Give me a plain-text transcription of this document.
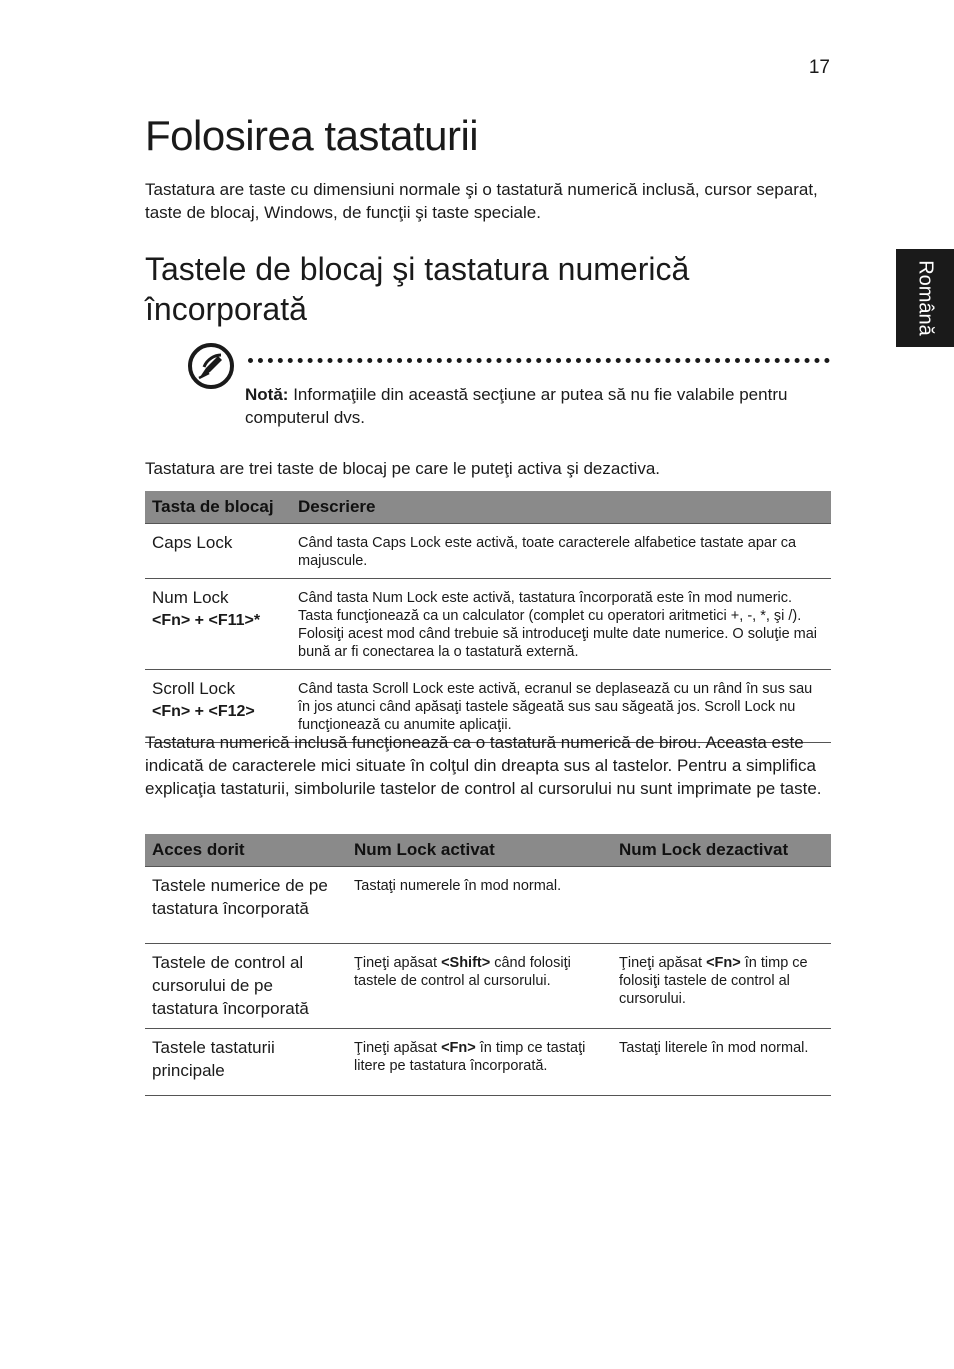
17
Română
Folosirea tastaturii

Tastatura are taste cu dimensiuni normale şi o tastatură numerică inclusă, cursor separat, taste de blocaj, Windows, de funcţii şi taste speciale.

Tastele de blocaj şi tastatura numerică încorporată
Notă: Informaţiile din această secţiune ar putea să nu fie valabile pentru computerul dvs.

Tastatura are trei taste de blocaj pe care le puteţi activa şi dezactiva.

Tasta de blocaj	Descriere

Caps Lock	Când tasta Caps Lock este activă, toate caracterele alfabetice tastate apar ca majuscule.

Num Lock
<Fn> + <F11>*	Când tasta Num Lock este activă, tastatura încorporată este în mod numeric. Tasta funcţionează ca un calculator (complet cu operatori aritmetici +, -, *, şi /). Folosiţi acest mod când trebuie să introduceţi multe date numerice. O soluţie mai bună ar fi conectarea la o tastatură externă.

Scroll Lock
<Fn> + <F12>	Când tasta Scroll Lock este activă, ecranul se deplasează cu un rând în sus sau în jos atunci când apăsaţi tastele săgeată sus sau săgeată jos. Scroll Lock nu funcţionează cu anumite aplicaţii.

Tastatura numerică inclusă funcţionează ca o tastatură numerică de birou. Aceasta este indicată de caracterele mici situate în colţul din dreapta sus al tastelor. Pentru a simplifica explicaţia tastaturii, simbolurile tastelor de control al cursorului nu sunt imprimate pe taste.

Acces dorit	Num Lock activat	Num Lock dezactivat
Tastele numerice de pe tastatura încorporată	Tastaţi numerele în mod normal.	
Tastele de control al cursorului de pe tastatura încorporată	Ţineţi apăsat <Shift> când folosiţi tastele de control al cursorului.	Ţineţi apăsat <Fn> în timp ce folosiţi tastele de control al cursorului.
Tastele tastaturii principale	Ţineţi apăsat <Fn> în timp ce tastaţi litere pe tastatura încorporată.	Tastaţi literele în mod normal.
